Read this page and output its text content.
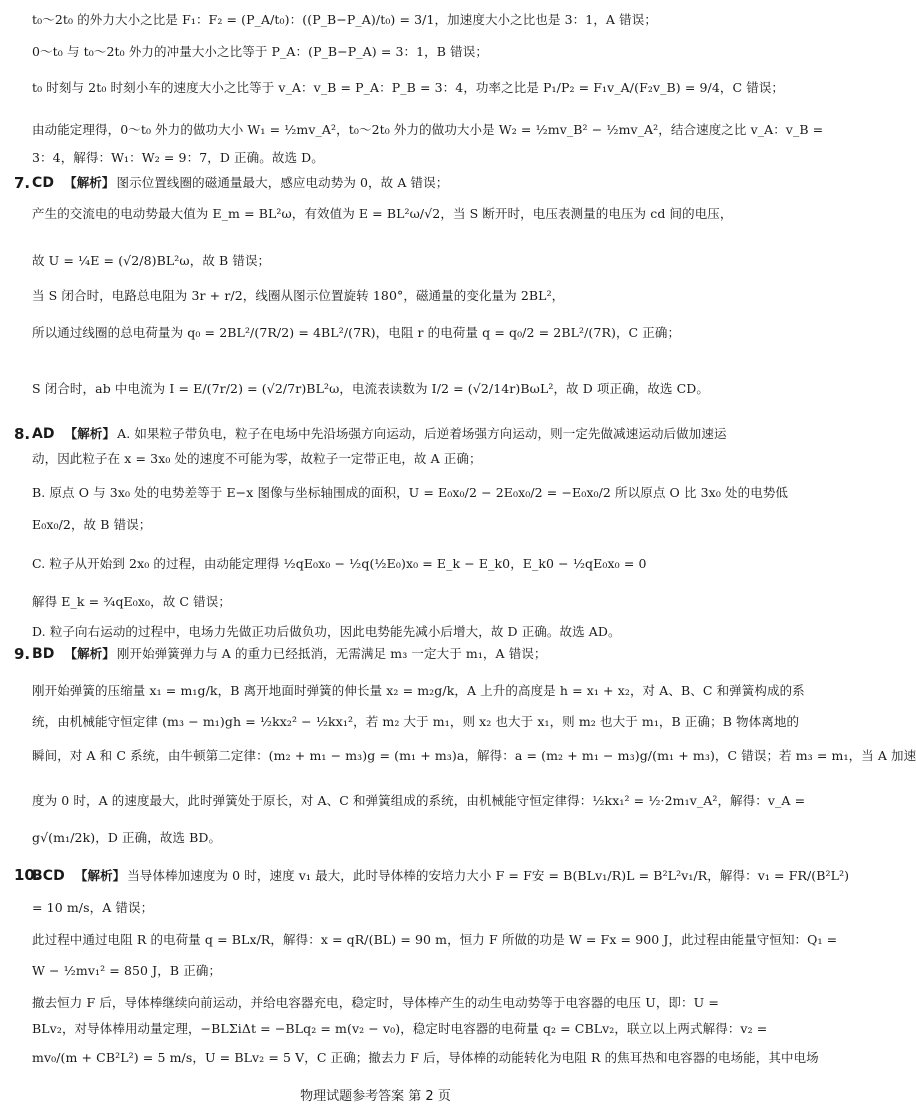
t₀～2t₀ 的外力大小之比是 F₁：F₂ = (P_A/t₀)：((P_B−P_A)/t₀) = 3/1，加速度大小之比也是 3：1，A 错误；
0～t₀ 与 t₀～2t₀ 外力的冲量大小之比等于 P_A：(P_B−P_A) = 3：1，B 错误；
t₀ 时刻与 2t₀ 时刻小车的速度大小之比等于 v_A：v_B = P_A：P_B = 3：4，功率之比是 P₁/P₂ = F₁v_A/(F₂v_B) = 9/4，C 错误；
由动能定理得，0～t₀ 外力的做功大小 W₁ = ½mv_A²，t₀～2t₀ 外力的做功大小是 W₂ = ½mv_B² − ½mv_A²，结合速度之比 v_A：v_B =
3：4，解得：W₁：W₂ = 9：7，D 正确。故选 D。
7. CD 【解析】 图示位置线圈的磁通量最大，感应电动势为 0，故 A 错误；
产生的交流电的电动势最大值为 E_m = BL²ω，有效值为 E = BL²ω/√2，当 S 断开时，电压表测量的电压为 cd 间的电压，
故 U = ¼E = (√2/8)BL²ω，故 B 错误；
当 S 闭合时，电路总电阻为 3r + r/2，线圈从图示位置旋转 180°，磁通量的变化量为 2BL²，
所以通过线圈的总电荷量为 q₀ = 2BL²/(7R/2) = 4BL²/(7R)，电阻 r 的电荷量 q = q₀/2 = 2BL²/(7R)，C 正确；
S 闭合时，ab 中电流为 I = E/(7r/2) = (√2/7r)BL²ω，电流表读数为 I/2 = (√2/14r)BωL²，故 D 项正确，故选 CD。
8. AD 【解析】 A. 如果粒子带负电，粒子在电场中先沿场强方向运动，后逆着场强方向运动，则一定先做减速运动后做加速运
动，因此粒子在 x = 3x₀ 处的速度不可能为零，故粒子一定带正电，故 A 正确；
B. 原点 O 与 3x₀ 处的电势差等于 E−x 图像与坐标轴围成的面积，U = E₀x₀/2 − 2E₀x₀/2 = −E₀x₀/2 所以原点 O 比 3x₀ 处的电势低
E₀x₀/2，故 B 错误；
C. 粒子从开始到 2x₀ 的过程，由动能定理得 ½qE₀x₀ − ½q(½E₀)x₀ = E_k − E_k0，E_k0 − ½qE₀x₀ = 0
解得 E_k = ¾qE₀x₀，故 C 错误；
D. 粒子向右运动的过程中，电场力先做正功后做负功，因此电势能先减小后增大，故 D 正确。故选 AD。
9. BD 【解析】 刚开始弹簧弹力与 A 的重力已经抵消，无需满足 m₃ 一定大于 m₁，A 错误；
刚开始弹簧的压缩量 x₁ = m₁g/k，B 离开地面时弹簧的伸长量 x₂ = m₂g/k，A 上升的高度是 h = x₁ + x₂，对 A、B、C 和弹簧构成的系
统，由机械能守恒定律 (m₃ − m₁)gh = ½kx₂² − ½kx₁²，若 m₂ 大于 m₁，则 x₂ 也大于 x₁，则 m₂ 也大于 m₁，B 正确；B 物体离地的
瞬间，对 A 和 C 系统，由牛顿第二定律：(m₂ + m₁ − m₃)g = (m₁ + m₃)a，解得：a = (m₂ + m₁ − m₃)g/(m₁ + m₃)，C 错误；若 m₃ = m₁，当 A 加速
度为 0 时，A 的速度最大，此时弹簧处于原长，对 A、C 和弹簧组成的系统，由机械能守恒定律得：½kx₁² = ½·2m₁v_A²，解得：v_A =
g√(m₁/2k)，D 正确，故选 BD。
10.
BCD 【解析】 当导体棒加速度为 0 时，速度 v₁ 最大，此时导体棒的安培力大小 F = F安 = B(BLv₁/R)L = B²L²v₁/R，解得：v₁ = FR/(B²L²)
= 10 m/s，A 错误；
此过程中通过电阻 R 的电荷量 q = BLx/R，解得：x = qR/(BL) = 90 m，恒力 F 所做的功是 W = Fx = 900 J，此过程由能量守恒知：Q₁ =
W − ½mv₁² = 850 J，B 正确；
撤去恒力 F 后，导体棒继续向前运动，并给电容器充电，稳定时，导体棒产生的动生电动势等于电容器的电压 U，即：U =
BLv₂，对导体棒用动量定理，−BLΣiΔt = −BLq₂ = m(v₂ − v₀)，稳定时电容器的电荷量 q₂ = CBLv₂，联立以上两式解得：v₂ =
mv₀/(m + CB²L²) = 5 m/s，U = BLv₂ = 5 V，C 正确；撤去力 F 后，导体棒的动能转化为电阻 R 的焦耳热和电容器的电场能，其中电场
物理试题参考答案 第 2 页
